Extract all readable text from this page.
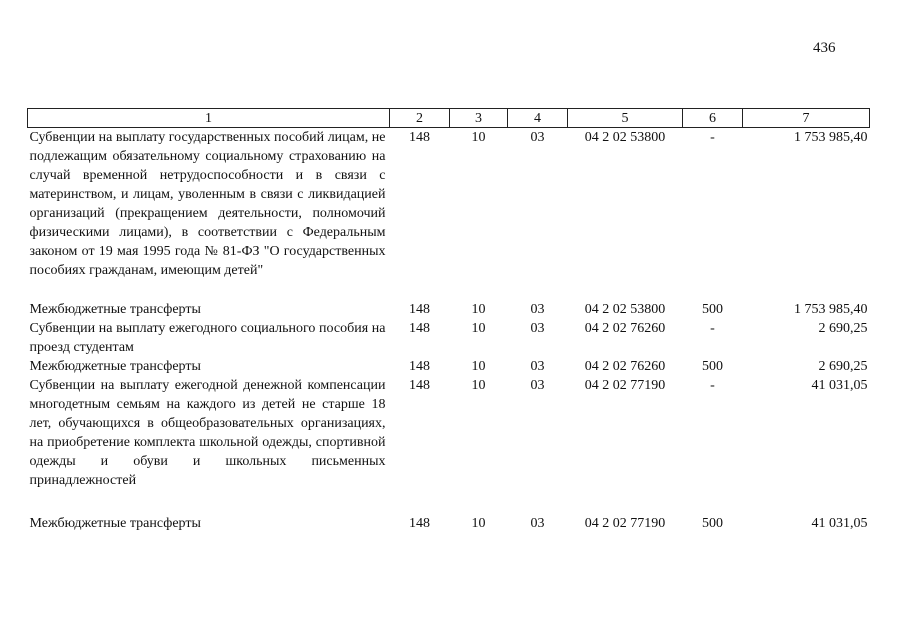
436
1	2	3	4	5	6	7
Субвенции на выплату государственных пособий лицам, не подлежащим обязательному социальному страхованию на случай временной нетрудоспособности и в связи с материнством, и лицам, уволенным в связи с ликвидацией организаций (прекращением деятельности, полномочий физическими лицами), в соответствии с Федеральным законом от 19 мая 1995 года № 81-ФЗ "О государственных пособиях гражданам, имеющим детей"	148	10	03	04 2 02 53800	-	1 753 985,40
Межбюджетные трансферты	148	10	03	04 2 02 53800	500	1 753 985,40
Субвенции на выплату ежегодного социального пособия на проезд студентам	148	10	03	04 2 02 76260	-	2 690,25
Межбюджетные трансферты	148	10	03	04 2 02 76260	500	2 690,25
Субвенции на выплату ежегодной денежной компенсации многодетным семьям на каждого из детей не старше 18 лет, обучающихся в общеобразовательных организациях, на приобретение комплекта школьной одежды, спортивной одежды и обуви и школьных письменных принадлежностей	148	10	03	04 2 02 77190	-	41 031,05
Межбюджетные трансферты	148	10	03	04 2 02 77190	500	41 031,05
